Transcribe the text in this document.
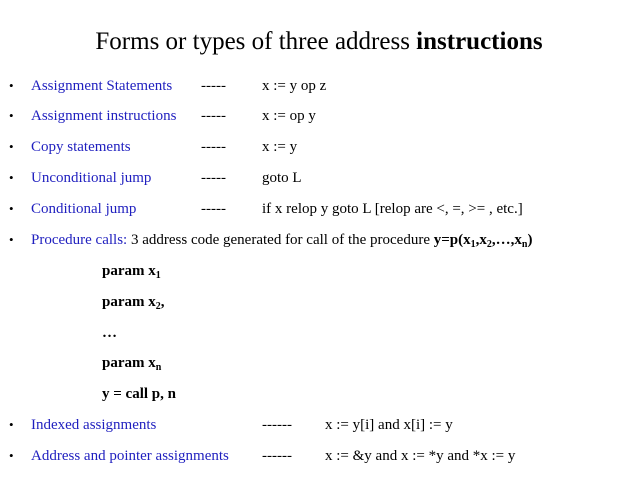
Forms or types of three address instructions
• Assignment Statements ----- x := y op z
• Assignment instructions ----- x := op y
• Copy statements	----- x := y
• Unconditional jump	----- goto L
• Conditional jump	----- if x relop y goto L [relop are <, =, >= , etc.]
• Procedure calls: 3 address code generated for call of the procedure $y=p(x_1,x_2,\dots,x_n)$
param $x_1$
param $x_2$,
…
param $x_n$
y = call p, n
• Indexed assignments	------ x := y[i] and x[i] := y
• Address and pointer assignments ------ x := &y and x := *y and *x := y
